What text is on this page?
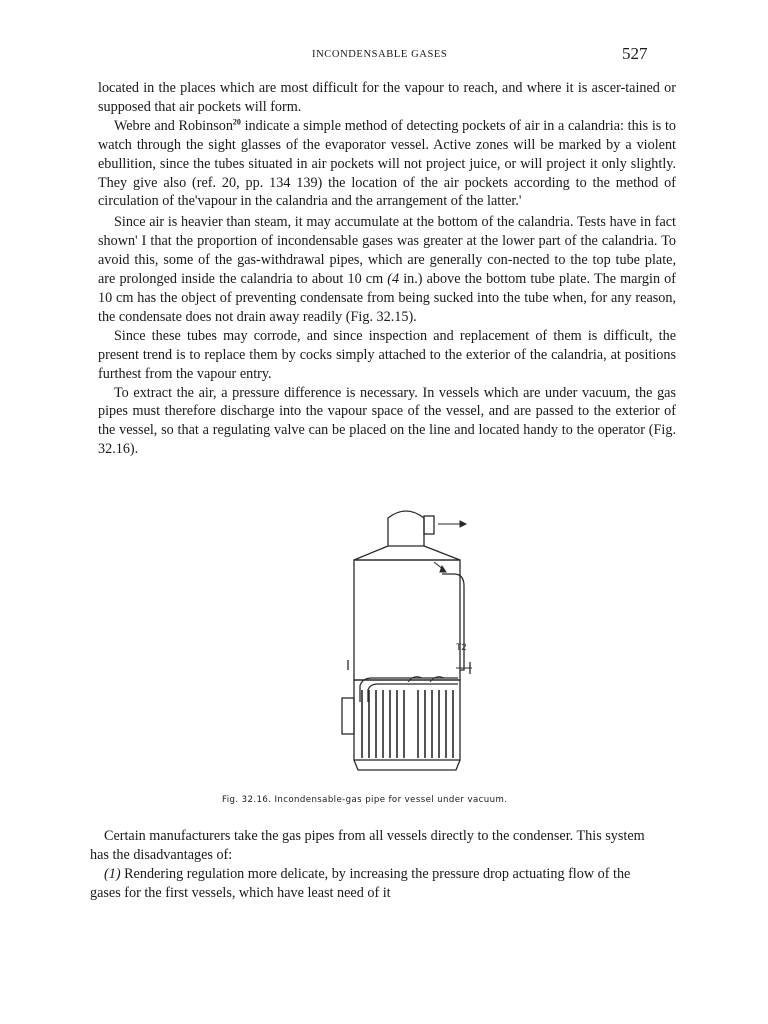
INCONDENSABLE GASES	527

located in the places which are most difficult for the vapour to reach, and where it is ascer-tained or supposed that air pockets will form.

Webre and Robinson$^{20}$ indicate a simple method of detecting pockets of air in a calandria: this is to watch through the sight glasses of the evaporator vessel. Active zones will be marked by a violent ebullition, since the tubes situated in air pockets will not project juice, or will project it only slightly. They give also (ref. 20, pp. 134 139) the location of the air pockets according to the method of circulation of the'vapour in the calandria and the arrangement of the latter.'

Since air is heavier than steam, it may accumulate at the bottom of the calandria. Tests have in fact shown' I that the proportion of incondensable gases was greater at the lower part of the calandria. To avoid this, some of the gas-withdrawal pipes, which are generally con-nected to the top tube plate, are prolonged inside the calandria to about 10 cm (4 in.) above the bottom tube plate. The margin of 10 cm has the object of preventing condensate from being sucked into the tube when, for any reason, the condensate does not drain away readily (Fig. 32.15).

Since these tubes may corrode, and since inspection and replacement of them is difficult, the present trend is to replace them by cocks simply attached to the exterior of the calandria, at positions furthest from the vapour entry.

To extract the air, a pressure difference is necessary. In vessels which are under vacuum, the gas pipes must therefore discharge into the vapour space of the vessel, and are passed to the exterior of the vessel, so that a regulating valve can be placed on the line and located handy to the operator (Fig. 32.16).

T2
Fig. 32.16. Incondensable-gas pipe for vessel under vacuum.

Certain manufacturers take the gas pipes from all vessels directly to the condenser. This system has the disadvantages of:

(1) Rendering regulation more delicate, by increasing the pressure drop actuating flow of the gases for the first vessels, which have least need of it
